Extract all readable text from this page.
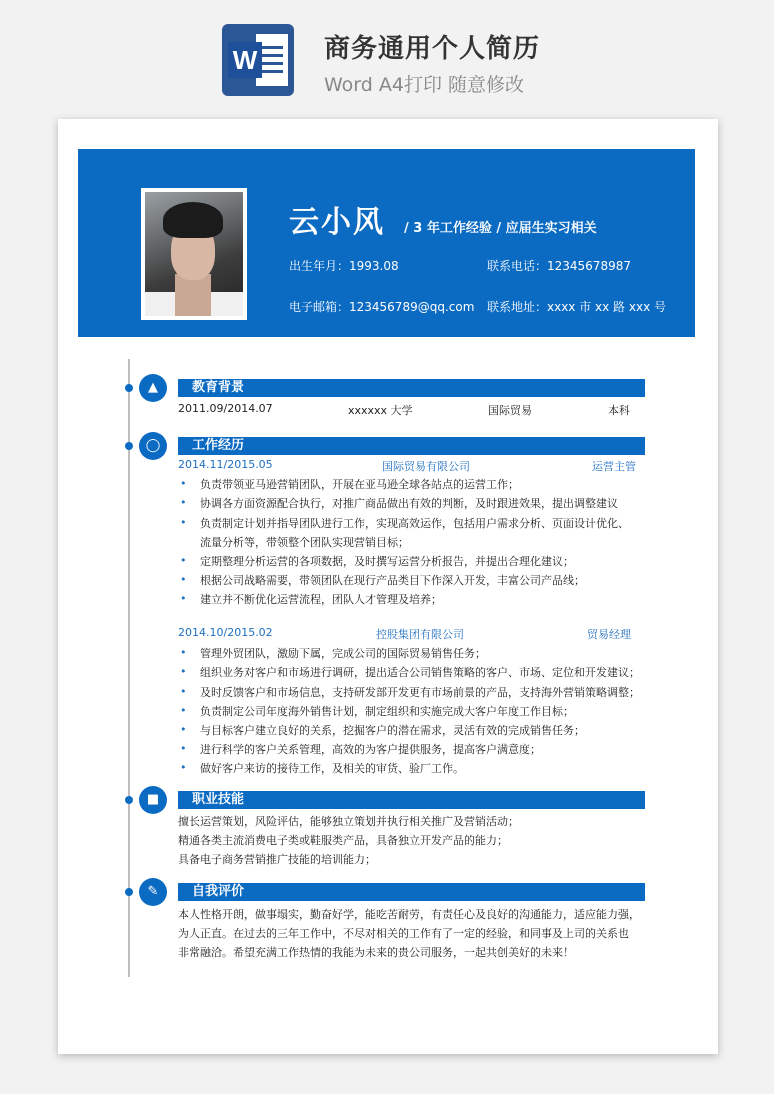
W	商务通用个人简历
Word A4打印 随意修改
云小风 / 3 年工作经验 / 应届生实习相关
出生年月：1993.08	联系电话：12345678987
电子邮箱：123456789@qq.com 联系地址：xxxx 市 xx 路 xxx 号
▲	教育背景
2011.09/2014.07	xxxxxx 大学	国际贸易	本科
◯	工作经历
2014.11/2015.05	国际贸易有限公司	运营主管
• 负责带领亚马逊营销团队，开展在亚马逊全球各站点的运营工作；
• 协调各方面资源配合执行，对推广商品做出有效的判断，及时跟进效果，提出调整建议
• 负责制定计划并指导团队进行工作，实现高效运作，包括用户需求分析、页面设计优化、
流量分析等，带领整个团队实现营销目标；
• 定期整理分析运营的各项数据，及时撰写运营分析报告，并提出合理化建议；
• 根据公司战略需要，带领团队在现行产品类目下作深入开发，丰富公司产品线；
• 建立并不断优化运营流程，团队人才管理及培养；
2014.10/2015.02	控股集团有限公司	贸易经理
• 管理外贸团队，激励下属，完成公司的国际贸易销售任务；
• 组织业务对客户和市场进行调研，提出适合公司销售策略的客户、市场、定位和开发建议；
• 及时反馈客户和市场信息，支持研发部开发更有市场前景的产品，支持海外营销策略调整；
• 负责制定公司年度海外销售计划，制定组织和实施完成大客户年度工作目标；
• 与目标客户建立良好的关系，挖掘客户的潜在需求，灵活有效的完成销售任务；
• 进行科学的客户关系管理，高效的为客户提供服务，提高客户满意度；
• 做好客户来访的接待工作，及相关的审货、验厂工作。
■	职业技能
擅长运营策划，风险评估，能够独立策划并执行相关推广及营销活动；
精通各类主流消费电子类或鞋服类产品，具备独立开发产品的能力；
具备电子商务营销推广技能的培训能力；
✎	自我评价
本人性格开朗，做事塌实，勤奋好学，能吃苦耐劳，有责任心及良好的沟通能力，适应能力强，
为人正直。在过去的三年工作中，不尽对相关的工作有了一定的经验，和同事及上司的关系也
非常融洽。希望充满工作热情的我能为未来的贵公司服务，一起共创美好的未来！
